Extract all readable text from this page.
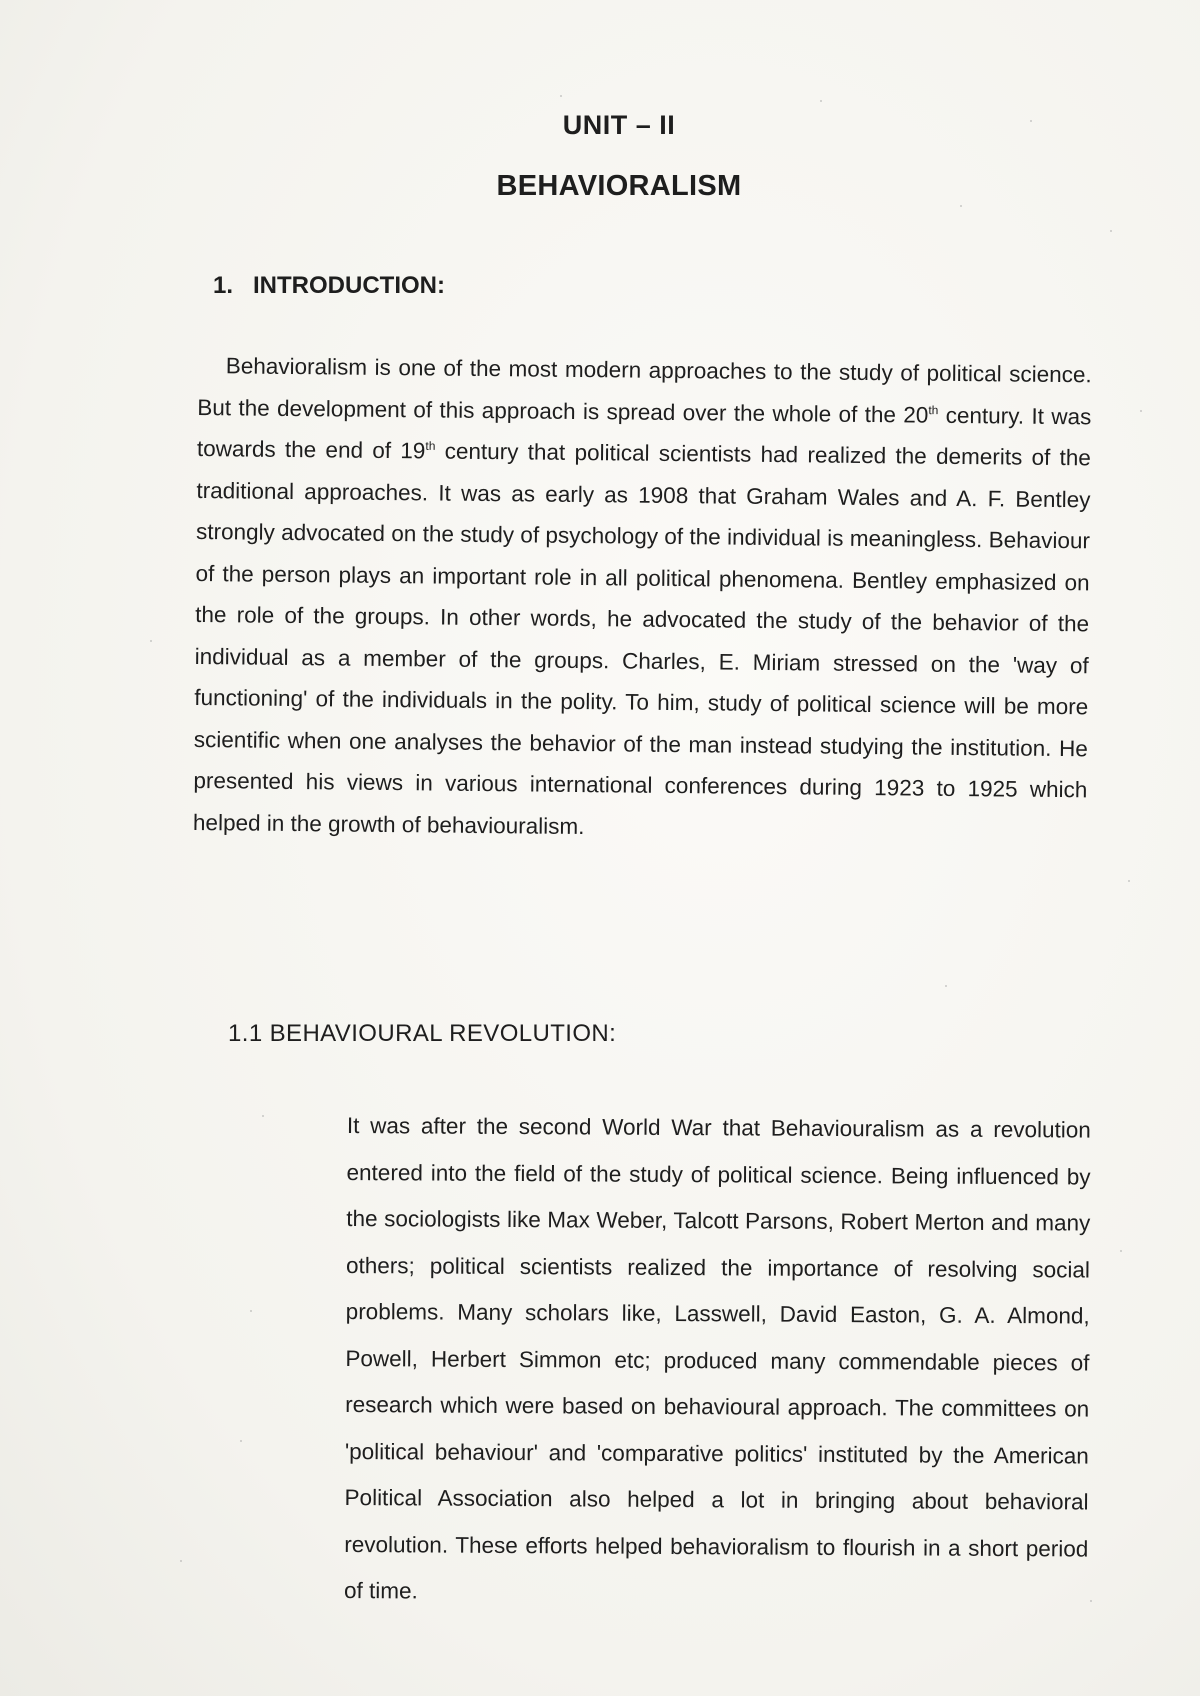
UNIT – II
BEHAVIORALISM
1. INTRODUCTION:

Behavioralism is one of the most modern approaches to the study of political science. But the development of this approach is spread over the whole of the 20th century. It was towards the end of 19th century that political scientists had realized the demerits of the traditional approaches. It was as early as 1908 that Graham Wales and A. F. Bentley strongly advocated on the study of psychology of the individual is meaningless. Behaviour of the person plays an important role in all political phenomena. Bentley emphasized on the role of the groups. In other words, he advocated the study of the behavior of the individual as a member of the groups. Charles, E. Miriam stressed on the 'way of functioning' of the individuals in the polity. To him, study of political science will be more scientific when one analyses the behavior of the man instead studying the institution. He presented his views in various international conferences during 1923 to 1925 which helped in the growth of behaviouralism.

1.1 BEHAVIOURAL REVOLUTION:

It was after the second World War that Behaviouralism as a revolution entered into the field of the study of political science. Being influenced by the sociologists like Max Weber, Talcott Parsons, Robert Merton and many others; political scientists realized the importance of resolving social problems. Many scholars like, Lasswell, David Easton, G. A. Almond, Powell, Herbert Simmon etc; produced many commendable pieces of research which were based on behavioural approach. The committees on 'political behaviour' and 'comparative politics' instituted by the American Political Association also helped a lot in bringing about behavioral revolution. These efforts helped behavioralism to flourish in a short period of time.
